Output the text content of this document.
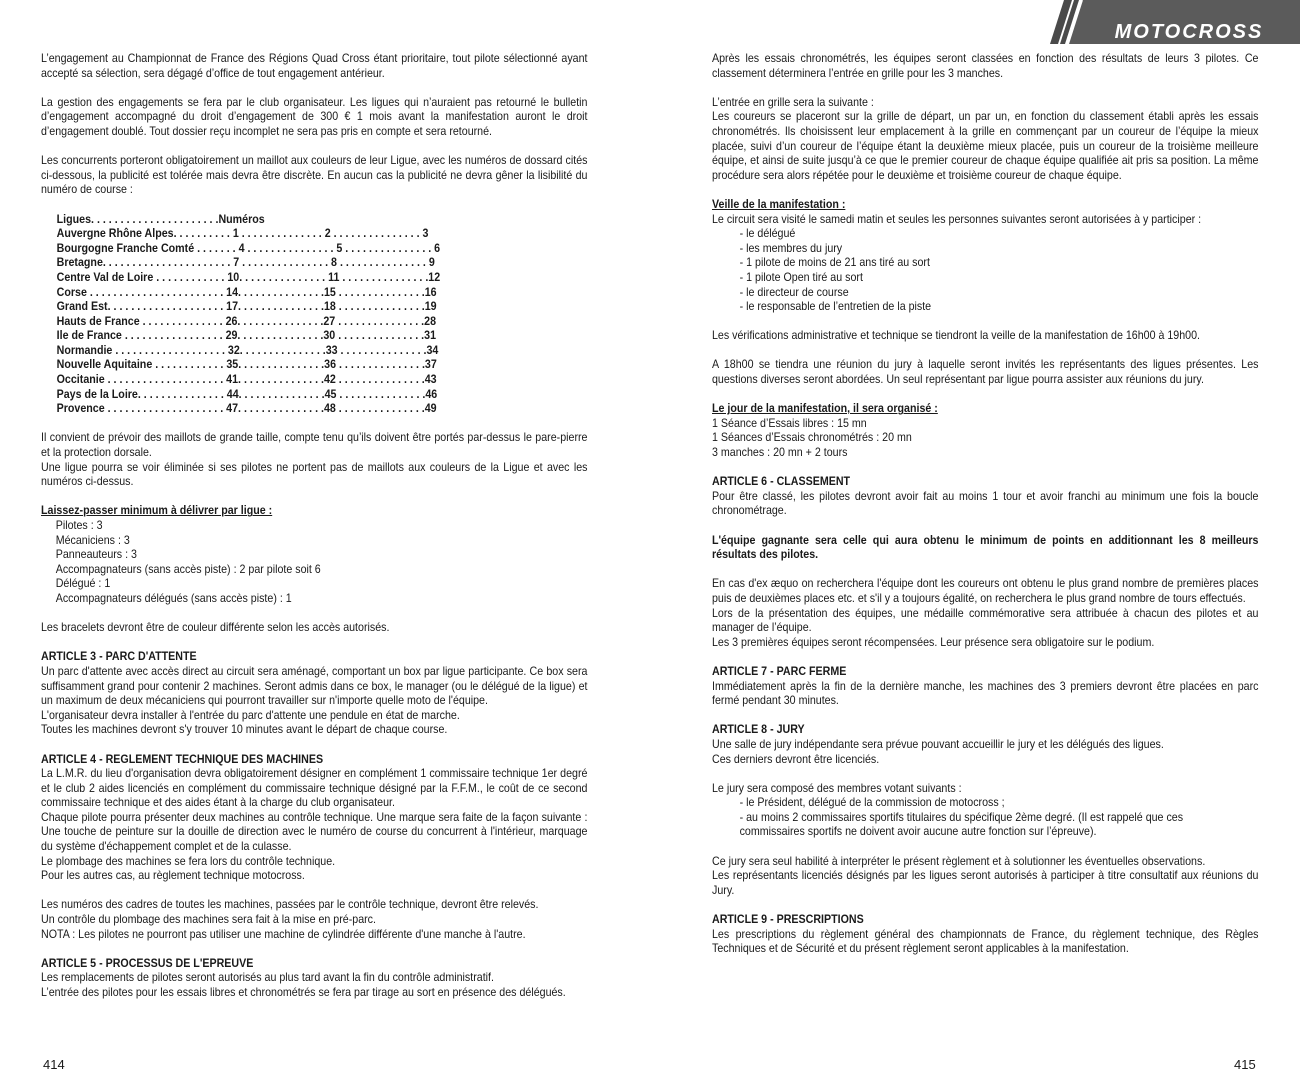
MOTOCROSS

L’engagement au Championnat de France des Régions Quad Cross étant prioritaire, tout pilote sélectionné ayant accepté sa sélection, sera dégagé d’office de tout engagement antérieur.

La gestion des engagements se fera par le club organisateur. Les ligues qui n’auraient pas retourné le bulletin d’engagement accompagné du droit d’engagement de 300 € 1 mois avant la manifestation auront le droit d’engagement doublé. Tout dossier reçu incomplet ne sera pas pris en compte et sera retourné.

Les concurrents porteront obligatoirement un maillot aux couleurs de leur Ligue, avec les numéros de dossard cités ci-dessous, la publicité est tolérée mais devra être discrète. En aucun cas la publicité ne devra gêner la lisibilité du numéro de course :

Ligues. . . . . . . . . . . . . . . . . . . . . .Numéros
Auvergne Rhône Alpes. . . . . . . . . . 1 . . . . . . . . . . . . . . 2 . . . . . . . . . . . . . . . 3
Bourgogne Franche Comté . . . . . . . 4 . . . . . . . . . . . . . . . 5 . . . . . . . . . . . . . . . 6
Bretagne. . . . . . . . . . . . . . . . . . . . . . 7 . . . . . . . . . . . . . . . 8 . . . . . . . . . . . . . . . 9
Centre Val de Loire . . . . . . . . . . . . 10. . . . . . . . . . . . . . . 11 . . . . . . . . . . . . . . .12
Corse . . . . . . . . . . . . . . . . . . . . . . . 14. . . . . . . . . . . . . . .15 . . . . . . . . . . . . . . .16
Grand Est. . . . . . . . . . . . . . . . . . . . 17. . . . . . . . . . . . . . .18 . . . . . . . . . . . . . . .19
Hauts de France . . . . . . . . . . . . . . 26. . . . . . . . . . . . . . .27 . . . . . . . . . . . . . . .28
Ile de France . . . . . . . . . . . . . . . . . 29. . . . . . . . . . . . . . .30 . . . . . . . . . . . . . . .31
Normandie . . . . . . . . . . . . . . . . . . . 32. . . . . . . . . . . . . . .33 . . . . . . . . . . . . . . .34
Nouvelle Aquitaine . . . . . . . . . . . . 35. . . . . . . . . . . . . . .36 . . . . . . . . . . . . . . .37
Occitanie . . . . . . . . . . . . . . . . . . . . 41. . . . . . . . . . . . . . .42 . . . . . . . . . . . . . . .43
Pays de la Loire. . . . . . . . . . . . . . . 44. . . . . . . . . . . . . . .45 . . . . . . . . . . . . . . .46
Provence . . . . . . . . . . . . . . . . . . . . 47. . . . . . . . . . . . . . .48 . . . . . . . . . . . . . . .49

Il convient de prévoir des maillots de grande taille, compte tenu qu’ils doivent être portés par-dessus le pare-pierre et la protection dorsale.

Une ligue pourra se voir éliminée si ses pilotes ne portent pas de maillots aux couleurs de la Ligue et avec les numéros ci-dessus.

Laissez-passer minimum à délivrer par ligue :

Pilotes : 3

Mécaniciens : 3

Panneauteurs : 3

Accompagnateurs (sans accès piste) : 2 par pilote soit 6

Délégué : 1

Accompagnateurs délégués (sans accès piste) : 1

Les bracelets devront être de couleur différente selon les accès autorisés.

ARTICLE 3 - PARC D'ATTENTE

Un parc d'attente avec accès direct au circuit sera aménagé, comportant un box par ligue participante. Ce box sera suffisamment grand pour contenir 2 machines. Seront admis dans ce box, le manager (ou le délégué de la ligue) et un maximum de deux mécaniciens qui pourront travailler sur n'importe quelle moto de l'équipe.

L'organisateur devra installer à l'entrée du parc d'attente une pendule en état de marche.

Toutes les machines devront s'y trouver 10 minutes avant le départ de chaque course.

ARTICLE 4 - REGLEMENT TECHNIQUE DES MACHINES

La L.M.R. du lieu d'organisation devra obligatoirement désigner en complément 1 commissaire technique 1er degré et le club 2 aides licenciés en complément du commissaire technique désigné par la F.F.M., le coût de ce second commissaire technique et des aides étant à la charge du club organisateur.

Chaque pilote pourra présenter deux machines au contrôle technique. Une marque sera faite de la façon suivante : Une touche de peinture sur la douille de direction avec le numéro de course du concurrent à l'intérieur, marquage du système d'échappement complet et de la culasse.

Le plombage des machines se fera lors du contrôle technique.

Pour les autres cas, au règlement technique motocross.

Les numéros des cadres de toutes les machines, passées par le contrôle technique, devront être relevés.

Un contrôle du plombage des machines sera fait à la mise en pré-parc.

NOTA : Les pilotes ne pourront pas utiliser une machine de cylindrée différente d'une manche à l'autre.

ARTICLE 5 - PROCESSUS DE L'EPREUVE

Les remplacements de pilotes seront autorisés au plus tard avant la fin du contrôle administratif.

L’entrée des pilotes pour les essais libres et chronométrés se fera par tirage au sort en présence des délégués.

414

Après les essais chronométrés, les équipes seront classées en fonction des résultats de leurs 3 pilotes. Ce classement déterminera l’entrée en grille pour les 3 manches.

L’entrée en grille sera la suivante :

Les coureurs se placeront sur la grille de départ, un par un, en fonction du classement établi après les essais chronométrés. Ils choisissent leur emplacement à la grille en commençant par un coureur de l’équipe la mieux placée, suivi d’un coureur de l’équipe étant la deuxième mieux placée, puis un coureur de la troisième meilleure équipe, et ainsi de suite jusqu’à ce que le premier coureur de chaque équipe qualifiée ait pris sa position. La même procédure sera alors répétée pour le deuxième et troisième coureur de chaque équipe.

Veille de la manifestation :

Le circuit sera visité le samedi matin et seules les personnes suivantes seront autorisées à y participer :

- le délégué

- les membres du jury

- 1 pilote de moins de 21 ans tiré au sort

- 1 pilote Open tiré au sort

- le directeur de course

- le responsable de l’entretien de la piste

Les vérifications administrative et technique se tiendront la veille de la manifestation de 16h00 à 19h00.

A 18h00 se tiendra une réunion du jury à laquelle seront invités les représentants des ligues présentes. Les questions diverses seront abordées. Un seul représentant par ligue pourra assister aux réunions du jury.

Le jour de la manifestation, il sera organisé :

1 Séance d’Essais libres : 15 mn

1 Séances d’Essais chronométrés : 20 mn

3 manches : 20 mn + 2 tours

ARTICLE 6 - CLASSEMENT

Pour être classé, les pilotes devront avoir fait au moins 1 tour et avoir franchi au minimum une fois la boucle chronométrage.

L'équipe gagnante sera celle qui aura obtenu le minimum de points en additionnant les 8 meilleurs résultats des pilotes.

En cas d'ex æquo on recherchera l'équipe dont les coureurs ont obtenu le plus grand nombre de premières places puis de deuxièmes places etc. et s'il y a toujours égalité, on recherchera le plus grand nombre de tours effectués.

Lors de la présentation des équipes, une médaille commémorative sera attribuée à chacun des pilotes et au manager de l’équipe.

Les 3 premières équipes seront récompensées. Leur présence sera obligatoire sur le podium.

ARTICLE 7 - PARC FERME

Immédiatement après la fin de la dernière manche, les machines des 3 premiers devront être placées en parc fermé pendant 30 minutes.

ARTICLE 8 - JURY

Une salle de jury indépendante sera prévue pouvant accueillir le jury et les délégués des ligues.

Ces derniers devront être licenciés.

Le jury sera composé des membres votant suivants :

- le Président, délégué de la commission de motocross ;

- au moins 2 commissaires sportifs titulaires du spécifique 2ème degré. (Il est rappelé que ces

commissaires sportifs ne doivent avoir aucune autre fonction sur l’épreuve).

Ce jury sera seul habilité à interpréter le présent règlement et à solutionner les éventuelles observations.

Les représentants licenciés désignés par les ligues seront autorisés à participer à titre consultatif aux réunions du Jury.

ARTICLE 9 - PRESCRIPTIONS

Les prescriptions du règlement général des championnats de France, du règlement technique, des Règles Techniques et de Sécurité et du présent règlement seront applicables à la manifestation.

415
